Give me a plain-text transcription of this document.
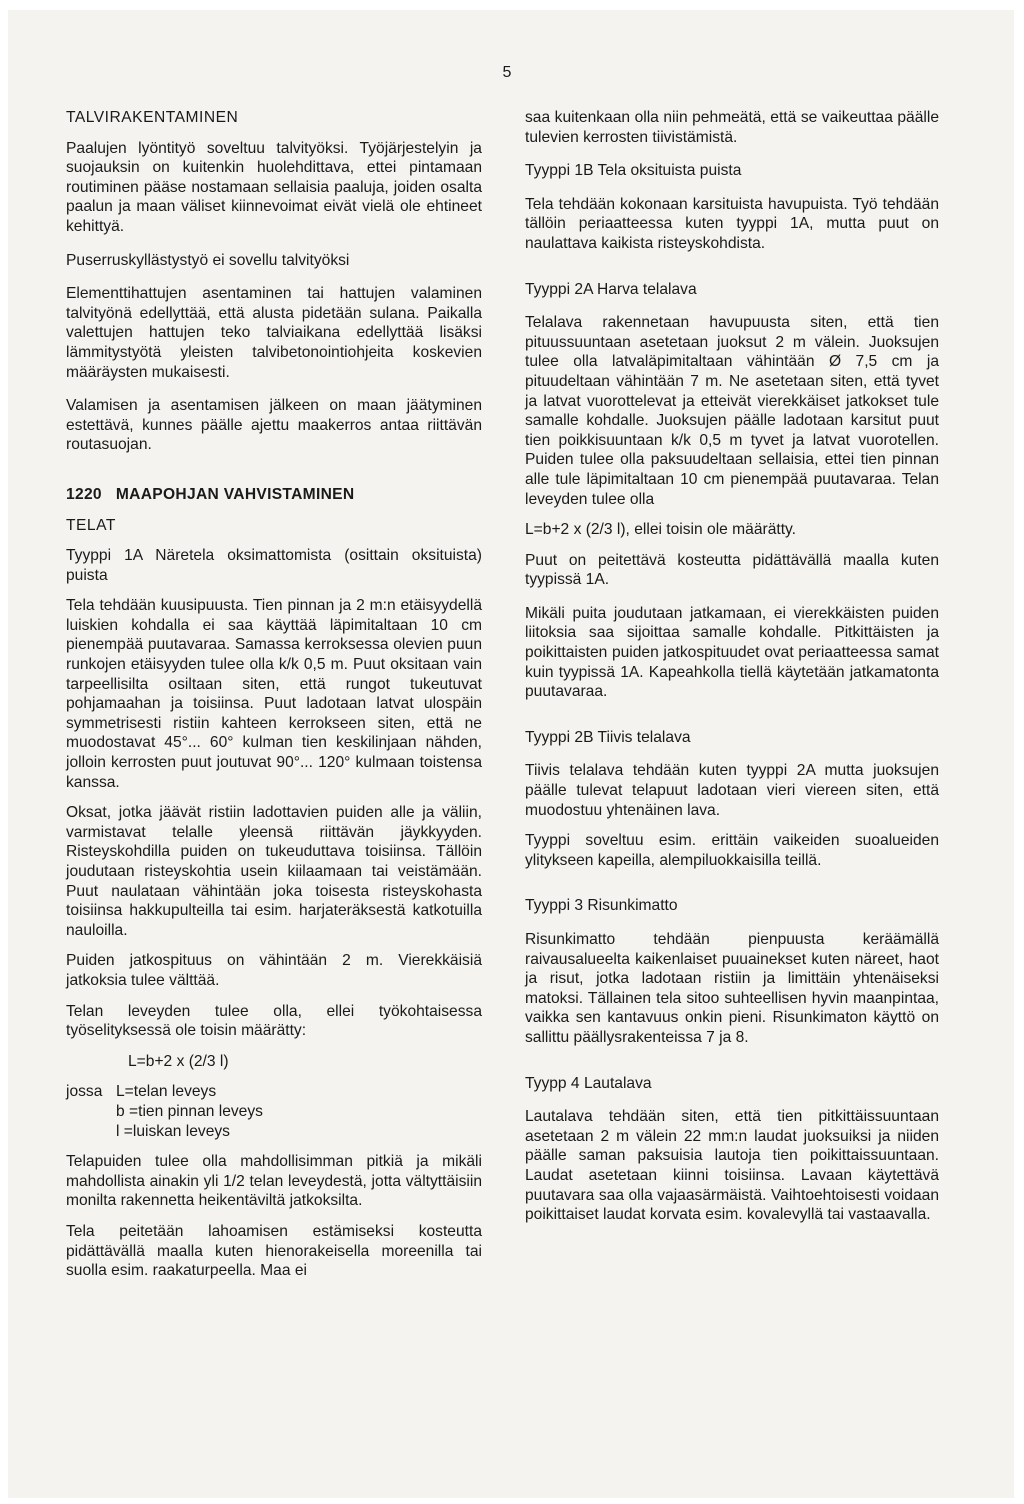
5

TALVIRAKENTAMINEN

Paalujen lyöntityö soveltuu talvityöksi. Työjärjestelyin ja suojauksin on kuitenkin huolehdittava, ettei pintamaan routiminen pääse nostamaan sellaisia paaluja, joiden osalta paalun ja maan väliset kiinnevoimat eivät vielä ole ehtineet kehittyä.

Puserruskyllästystyö ei sovellu talvityöksi

Elementtihattujen asentaminen tai hattujen valaminen talvityönä edellyttää, että alusta pidetään sulana. Paikalla valettujen hattujen teko talviaikana edellyttää lisäksi lämmitystyötä yleisten talvibetonointiohjeita koskevien määräysten mukaisesti.

Valamisen ja asentamisen jälkeen on maan jäätyminen estettävä, kunnes päälle ajettu maakerros antaa riittävän routasuojan.

1220 MAAPOHJAN VAHVISTAMINEN

TELAT

Tyyppi 1A Näretela oksimattomista (osittain oksituista) puista

Tela tehdään kuusipuusta. Tien pinnan ja 2 m:n etäisyydellä luiskien kohdalla ei saa käyttää läpimitaltaan 10 cm pienempää puutavaraa. Samassa kerroksessa olevien puun runkojen etäisyyden tulee olla k/k 0,5 m. Puut oksitaan vain tarpeellisilta osiltaan siten, että rungot tukeutuvat pohjamaahan ja toisiinsa. Puut ladotaan latvat ulospäin symmetrisesti ristiin kahteen kerrokseen siten, että ne muodostavat 45°... 60° kulman tien keskilinjaan nähden, jolloin kerrosten puut joutuvat 90°... 120° kulmaan toistensa kanssa.

Oksat, jotka jäävät ristiin ladottavien puiden alle ja väliin, varmistavat telalle yleensä riittävän jäykkyyden. Risteyskohdilla puiden on tukeuduttava toisiinsa. Tällöin joudutaan risteyskohtia usein kiilaamaan tai veistämään. Puut naulataan vähintään joka toisesta risteyskohasta toisiinsa hakkupulteilla tai esim. harjateräksestä katkotuilla nauloilla.

Puiden jatkospituus on vähintään 2 m. Vierekkäisiä jatkoksia tulee välttää.

Telan leveyden tulee olla, ellei työkohtaisessa työselityksessä ole toisin määrätty:

L=b+2 x (2/3 l)
jossa L=telan leveys
b =tien pinnan leveys
l =luiskan leveys

Telapuiden tulee olla mahdollisimman pitkiä ja mikäli mahdollista ainakin yli 1/2 telan leveydestä, jotta vältyttäisiin monilta rakennetta heikentäviltä jatkoksilta.

Tela peitetään lahoamisen estämiseksi kosteutta pidättävällä maalla kuten hienorakeisella moreenilla tai suolla esim. raakaturpeella. Maa ei

saa kuitenkaan olla niin pehmeätä, että se vaikeuttaa päälle tulevien kerrosten tiivistämistä.

Tyyppi 1B Tela oksituista puista

Tela tehdään kokonaan karsituista havupuista. Työ tehdään tällöin periaatteessa kuten tyyppi 1A, mutta puut on naulattava kaikista risteyskohdista.

Tyyppi 2A Harva telalava

Telalava rakennetaan havupuusta siten, että tien pituussuuntaan asetetaan juoksut 2 m välein. Juoksujen tulee olla latvaläpimitaltaan vähintään Ø 7,5 cm ja pituudeltaan vähintään 7 m. Ne asetetaan siten, että tyvet ja latvat vuorottelevat ja etteivät vierekkäiset jatkokset tule samalle kohdalle. Juoksujen päälle ladotaan karsitut puut tien poikkisuuntaan k/k 0,5 m tyvet ja latvat vuorotellen. Puiden tulee olla paksuudeltaan sellaisia, ettei tien pinnan alle tule läpimitaltaan 10 cm pienempää puutavaraa. Telan leveyden tulee olla

L=b+2 x (2/3 l), ellei toisin ole määrätty.

Puut on peitettävä kosteutta pidättävällä maalla kuten tyypissä 1A.

Mikäli puita joudutaan jatkamaan, ei vierekkäisten puiden liitoksia saa sijoittaa samalle kohdalle. Pitkittäisten ja poikittaisten puiden jatkospituudet ovat periaatteessa samat kuin tyypissä 1A. Kapeahkolla tiellä käytetään jatkamatonta puutavaraa.

Tyyppi 2B Tiivis telalava

Tiivis telalava tehdään kuten tyyppi 2A mutta juoksujen päälle tulevat telapuut ladotaan vieri viereen siten, että muodostuu yhtenäinen lava.

Tyyppi soveltuu esim. erittäin vaikeiden suoalueiden ylitykseen kapeilla, alempiluokkaisilla teillä.

Tyyppi 3 Risunkimatto

Risunkimatto tehdään pienpuusta keräämällä raivausalueelta kaikenlaiset puuainekset kuten näreet, haot ja risut, jotka ladotaan ristiin ja limittäin yhtenäiseksi matoksi. Tällainen tela sitoo suhteellisen hyvin maanpintaa, vaikka sen kantavuus onkin pieni. Risunkimaton käyttö on sallittu päällysrakenteissa 7 ja 8.

Tyypp 4 Lautalava

Lautalava tehdään siten, että tien pitkittäissuuntaan asetetaan 2 m välein 22 mm:n laudat juoksuiksi ja niiden päälle saman paksuisia lautoja tien poikittaissuuntaan. Laudat asetetaan kiinni toisiinsa. Lavaan käytettävä puutavara saa olla vajaasärmäistä. Vaihtoehtoisesti voidaan poikittaiset laudat korvata esim. kovalevyllä tai vastaavalla.
